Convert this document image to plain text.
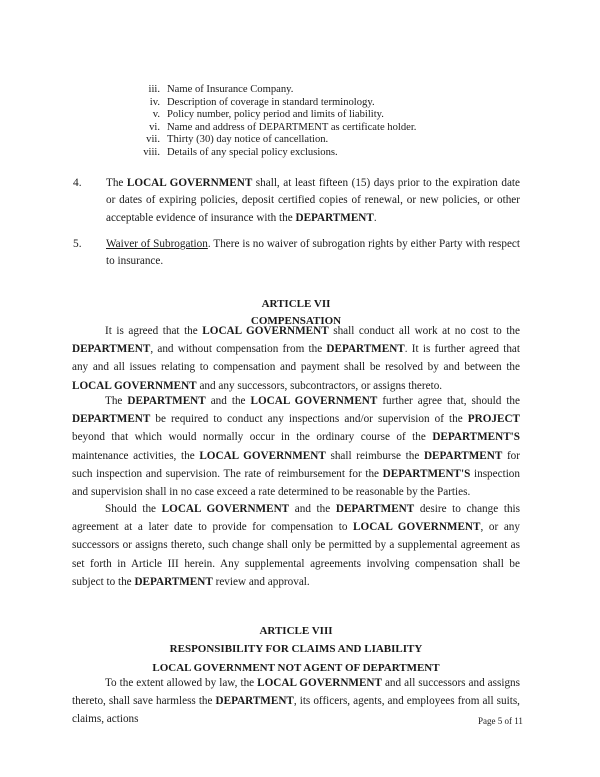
iii. Name of Insurance Company.
iv. Description of coverage in standard terminology.
v. Policy number, policy period and limits of liability.
vi. Name and address of DEPARTMENT as certificate holder.
vii. Thirty (30) day notice of cancellation.
viii. Details of any special policy exclusions.
4. The LOCAL GOVERNMENT shall, at least fifteen (15) days prior to the expiration date or dates of expiring policies, deposit certified copies of renewal, or new policies, or other acceptable evidence of insurance with the DEPARTMENT.
5. Waiver of Subrogation. There is no waiver of subrogation rights by either Party with respect to insurance.
ARTICLE VII
COMPENSATION
It is agreed that the LOCAL GOVERNMENT shall conduct all work at no cost to the DEPARTMENT, and without compensation from the DEPARTMENT. It is further agreed that any and all issues relating to compensation and payment shall be resolved by and between the LOCAL GOVERNMENT and any successors, subcontractors, or assigns thereto.
The DEPARTMENT and the LOCAL GOVERNMENT further agree that, should the DEPARTMENT be required to conduct any inspections and/or supervision of the PROJECT beyond that which would normally occur in the ordinary course of the DEPARTMENT'S maintenance activities, the LOCAL GOVERNMENT shall reimburse the DEPARTMENT for such inspection and supervision. The rate of reimbursement for the DEPARTMENT'S inspection and supervision shall in no case exceed a rate determined to be reasonable by the Parties.
Should the LOCAL GOVERNMENT and the DEPARTMENT desire to change this agreement at a later date to provide for compensation to LOCAL GOVERNMENT, or any successors or assigns thereto, such change shall only be permitted by a supplemental agreement as set forth in Article III herein. Any supplemental agreements involving compensation shall be subject to the DEPARTMENT review and approval.
ARTICLE VIII
RESPONSIBILITY FOR CLAIMS AND LIABILITY
LOCAL GOVERNMENT NOT AGENT OF DEPARTMENT
To the extent allowed by law, the LOCAL GOVERNMENT and all successors and assigns thereto, shall save harmless the DEPARTMENT, its officers, agents, and employees from all suits, claims, actions	Page 5 of 11
